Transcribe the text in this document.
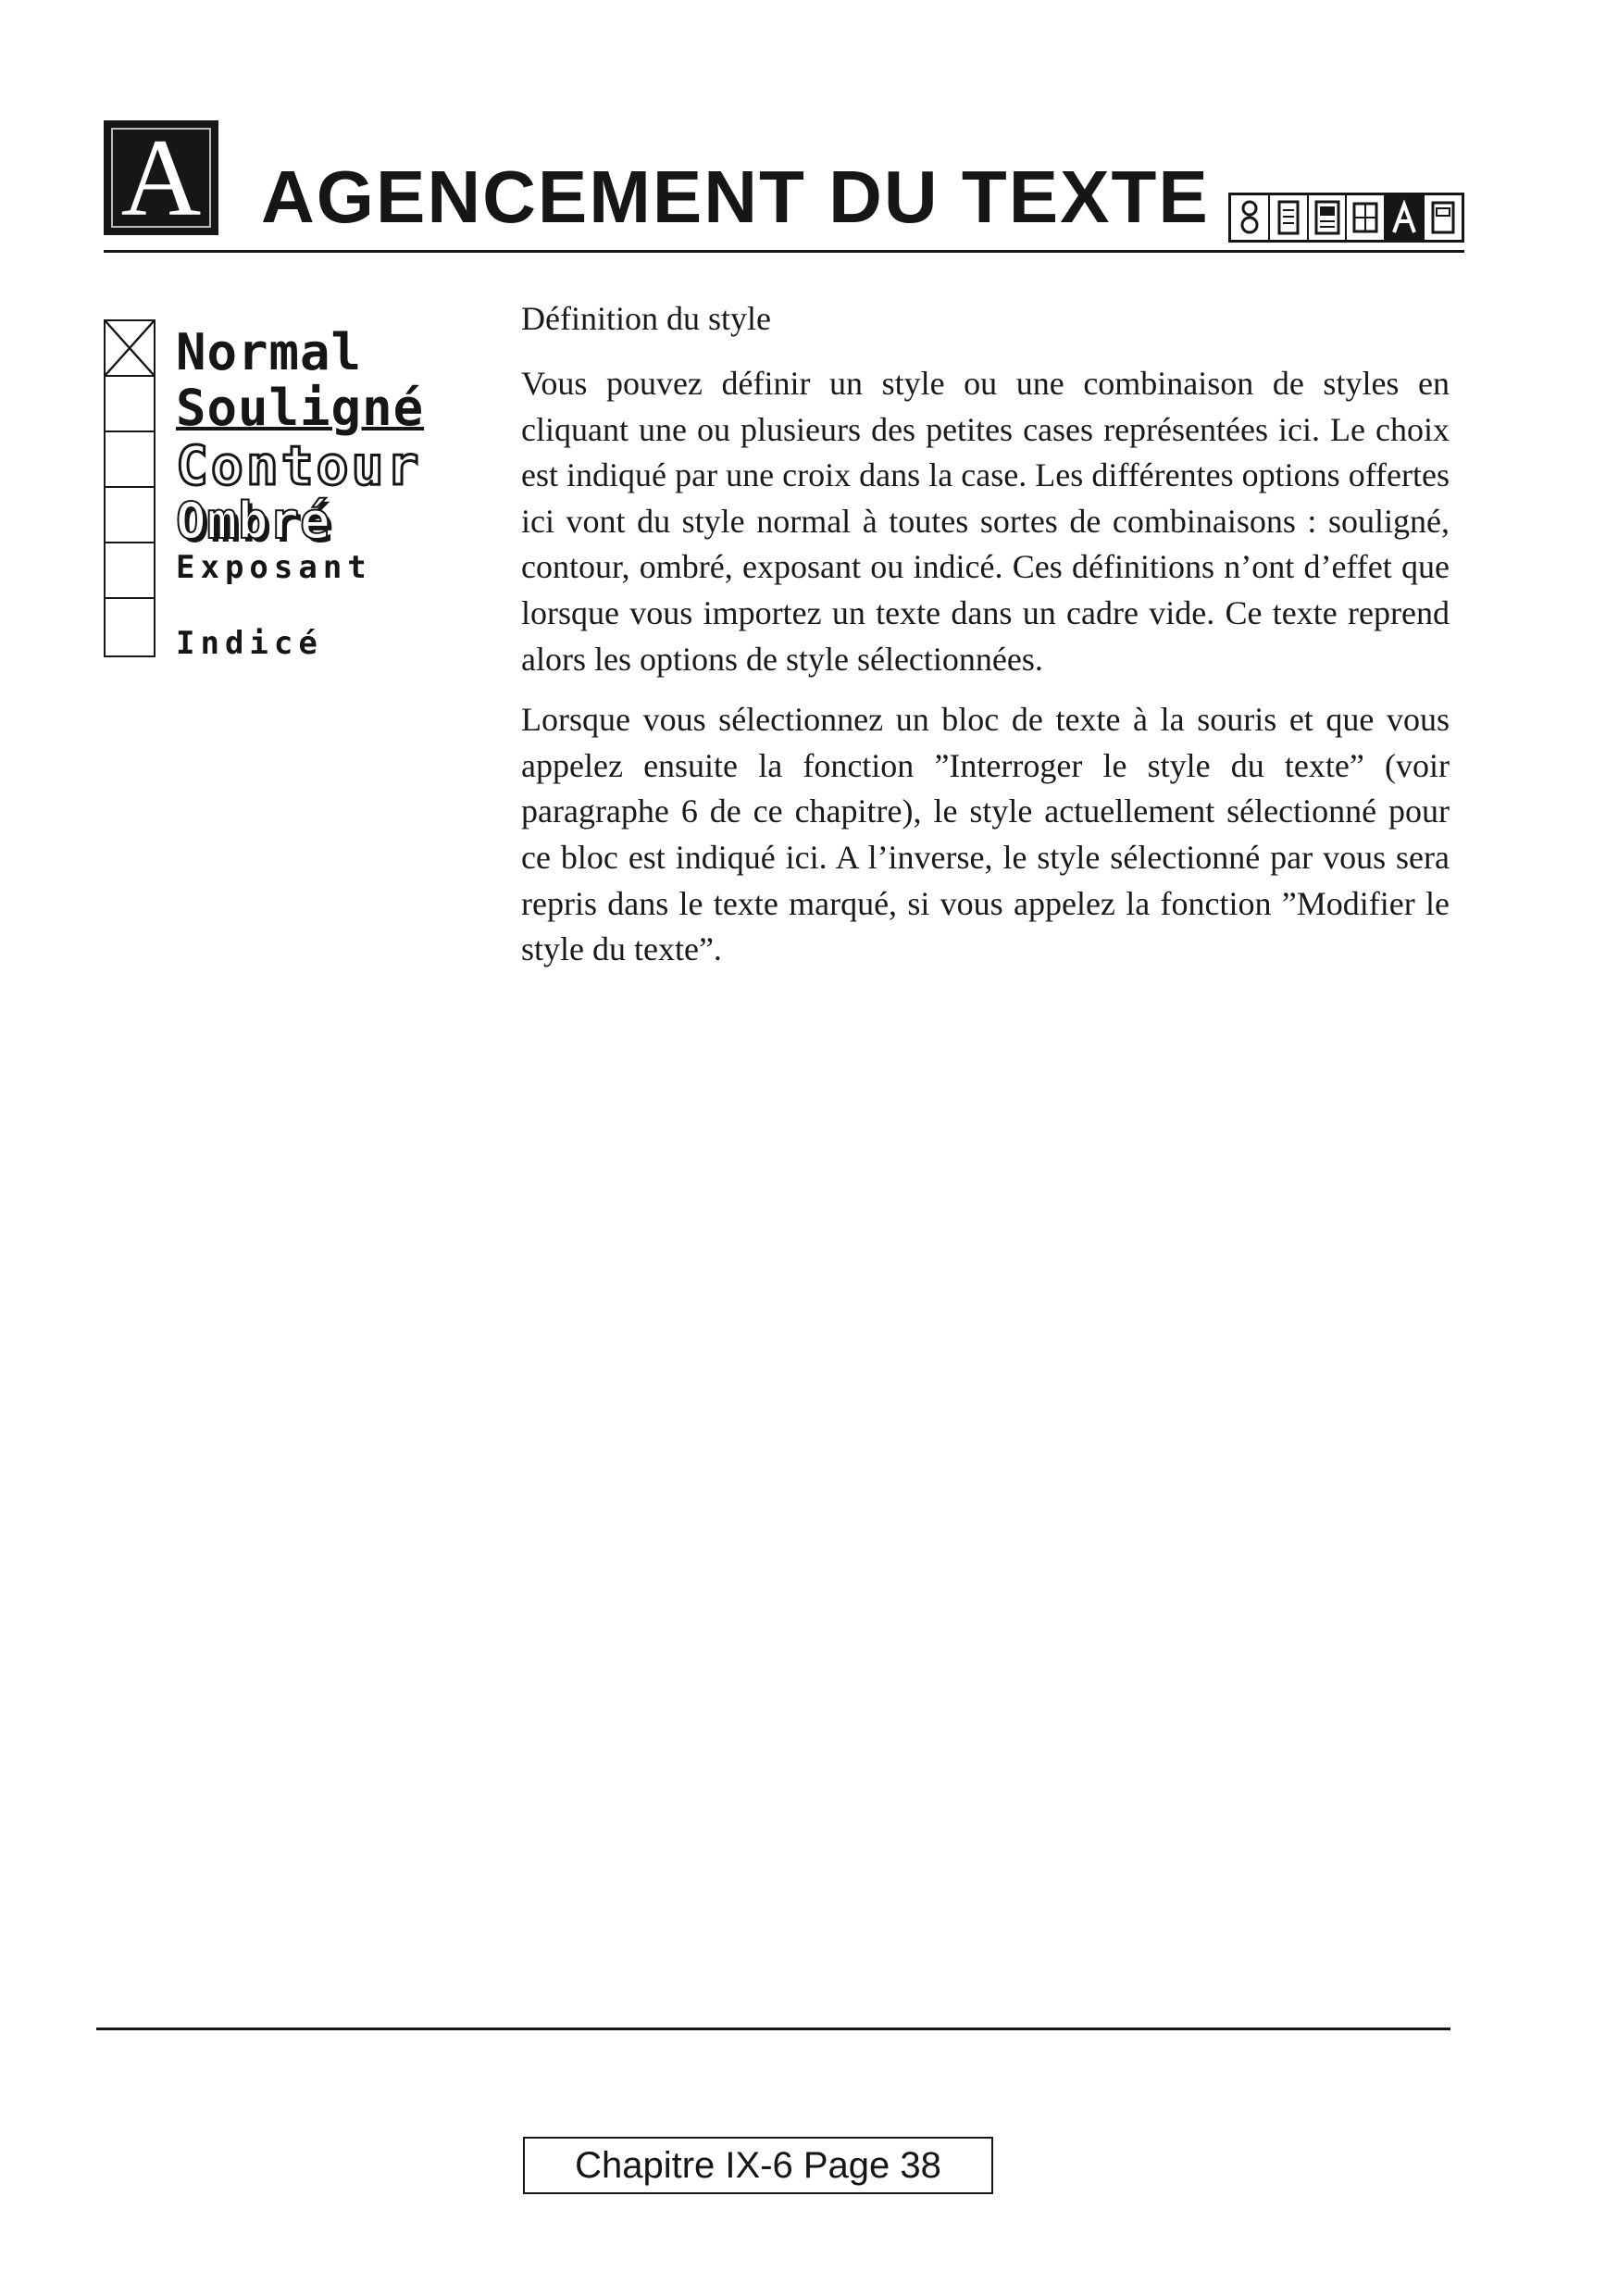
A AGENCEMENT DU TEXTE
Normal
Souligné
Contour
Ombré
Exposant
Indicé
Définition du style

Vous pouvez définir un style ou une combinaison de styles en cliquant une ou plusieurs des petites cases représentées ici. Le choix est indiqué par une croix dans la case. Les différentes options offertes ici vont du style normal à toutes sortes de combinaisons : souligné, contour, ombré, exposant ou indicé. Ces définitions n’ont d’effet que lorsque vous importez un texte dans un cadre vide. Ce texte reprend alors les options de style sélectionnées.

Lorsque vous sélectionnez un bloc de texte à la souris et que vous appelez ensuite la fonction ”Interroger le style du texte” (voir paragraphe 6 de ce chapitre), le style actuellement sélectionné pour ce bloc est indiqué ici. A l’inverse, le style sélectionné par vous sera repris dans le texte marqué, si vous appelez la fonction ”Modifier le style du texte”.

Chapitre IX-6 Page 38
